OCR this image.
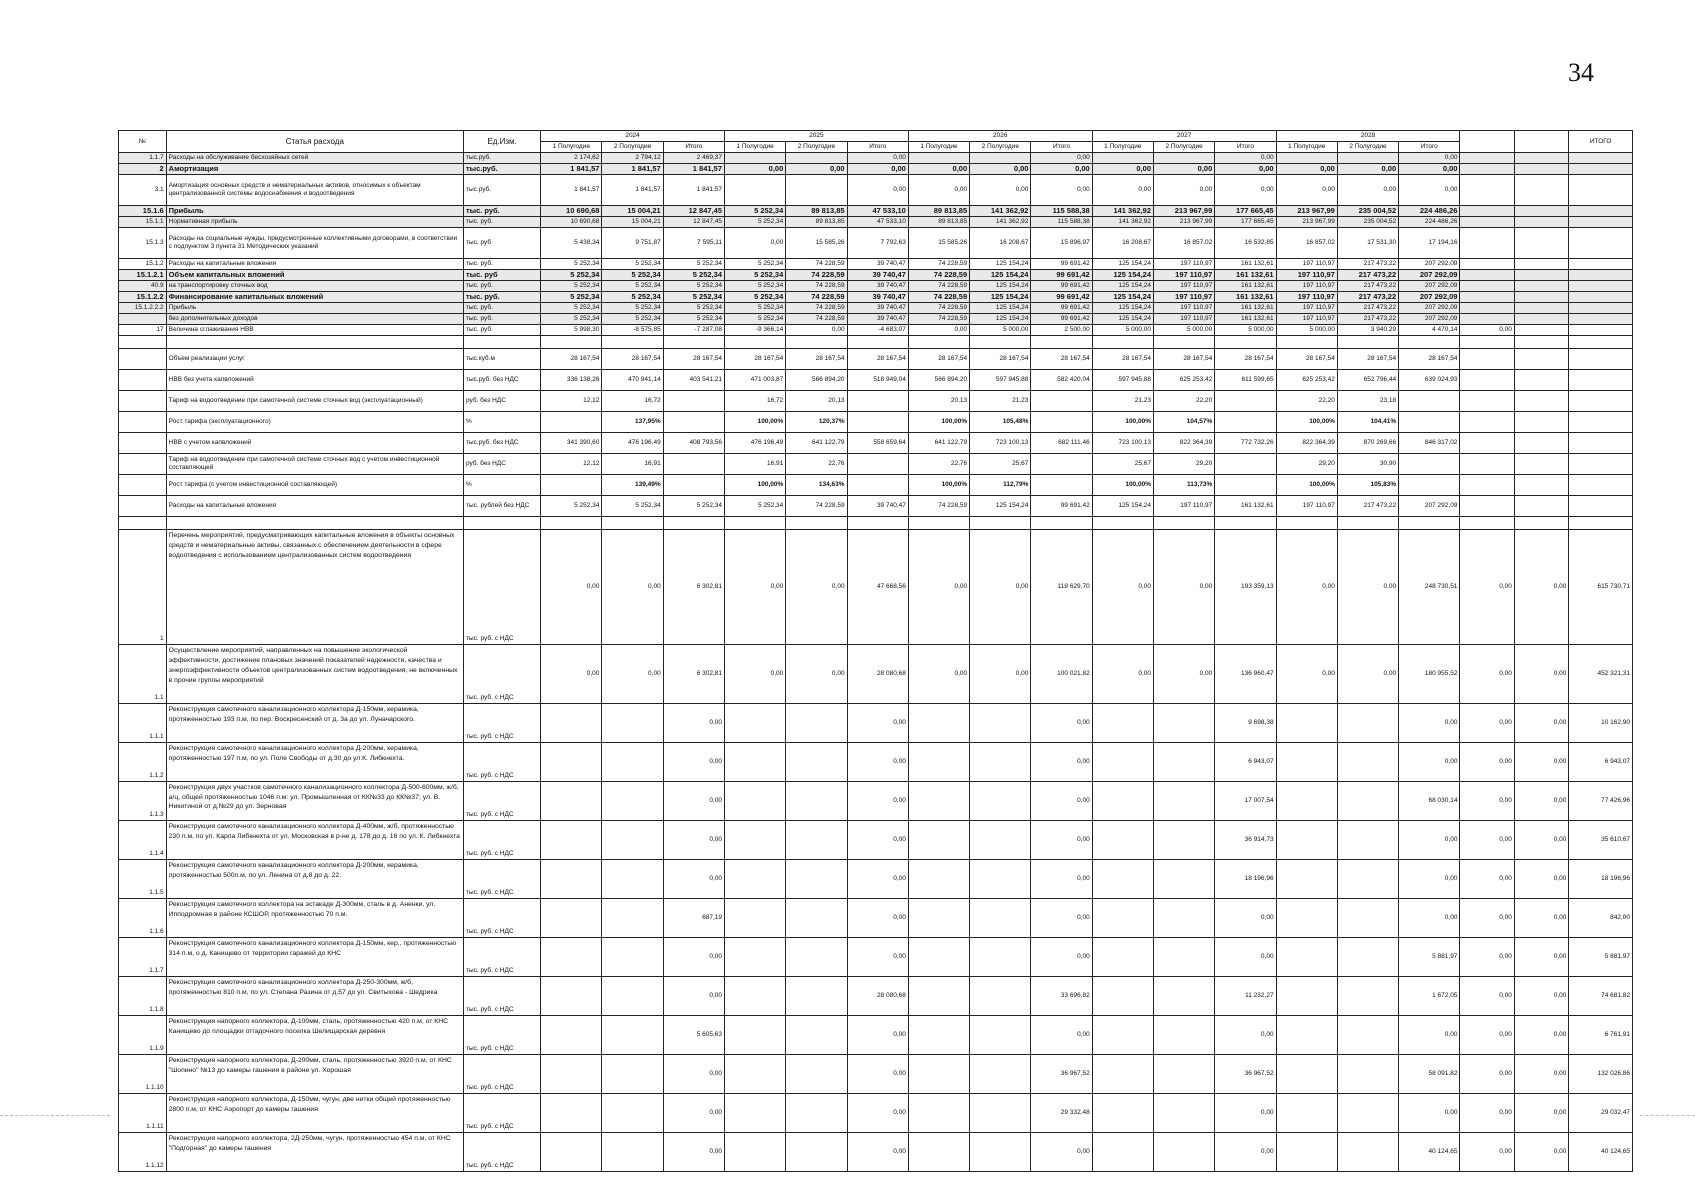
34
№	Статья расхода	Ед.Изм.	2024			2025			2026			2027			2028					ИТОГО
			1 Полугодие	2 Полугодие	Итого	1 Полугодие	2 Полугодие	Итого	1 Полугодие	2 Полугодие	Итого	1 Полугодие	2 Полугодие	Итого	1 Полугодие	2 Полугодие	Итого			
1.1.7	Расходы на обслуживание бесхозяйных сетей	тыс.руб.	2 174,62	2 794,12	2 469,37			0,00			0,00			0,00			0,00			
2	Амортизация	тыс.руб.	1 841,57	1 841,57	1 841,57	0,00	0,00	0,00	0,00	0,00	0,00	0,00	0,00	0,00	0,00	0,00	0,00			
3.1	Амортизация основных средств и нематериальных активов, относимых к объектам централизованной системы водоснабжения и водоотведения	тыс.руб.	1 841,57	1 841,57	1 841,57			0,00	0,00	0,00	0,00	0,00	0,00	0,00	0,00	0,00	0,00			
15.1.6	Прибыль	тыс. руб.	10 690,68	15 004,21	12 847,45	5 252,34	89 813,85	47 533,10	89 813,85	141 362,92	115 588,38	141 362,92	213 967,99	177 665,45	213 967,99	235 004,52	224 486,26			
15.1.1	Нормативная прибыль	тыс. руб.	10 690,68	15 004,21	12 847,45	5 252,34	89 813,85	47 533,10	89 813,85	141 362,92	115 588,38	141 362,92	213 967,99	177 665,45	213 967,99	235 004,52	224 486,26			
15.1.3	Расходы на социальные нужды, предусмотренные коллективными договорами, в соответствии с подпунктом 3 пункта 31 Методических указаний	тыс. руб	5 438,34	9 751,87	7 595,11	0,00	15 585,26	7 792,63	15 585,26	16 208,67	15 896,97	16 208,67	16 857,02	16 532,85	16 857,02	17 531,30	17 194,16			
15.1.2	Расходы на капитальные вложения	тыс. руб.	5 252,34	5 252,34	5 252,34	5 252,34	74 228,59	39 740,47	74 228,59	125 154,24	99 691,42	125 154,24	197 110,97	161 132,61	197 110,97	217 473,22	207 292,09			
15.1.2.1	Объем капитальных вложений	тыс. руб	5 252,34	5 252,34	5 252,34	5 252,34	74 228,59	39 740,47	74 228,59	125 154,24	99 691,42	125 154,24	197 110,97	161 132,61	197 110,97	217 473,22	207 292,09			
40.9	на транспортировку сточных вод	тыс. руб.	5 252,34	5 252,34	5 252,34	5 252,34	74 228,59	39 740,47	74 228,59	125 154,24	99 691,42	125 154,24	197 110,97	161 132,61	197 110,97	217 473,22	207 292,09			
15.1.2.2	Финансирование капитальных вложений	тыс. руб.	5 252,34	5 252,34	5 252,34	5 252,34	74 228,59	39 740,47	74 228,59	125 154,24	99 691,42	125 154,24	197 110,97	161 132,61	197 110,97	217 473,22	207 292,09			
15.1.2.2.2	Прибыль	тыс. руб.	5 252,34	5 252,34	5 252,34	5 252,34	74 228,59	39 740,47	74 228,59	125 154,24	99 691,42	125 154,24	197 110,97	161 132,61	197 110,97	217 473,22	207 292,09			
	без дополнительных доходов	тыс. руб.	5 252,34	5 252,34	5 252,34	5 252,34	74 228,59	39 740,47	74 228,59	125 154,24	99 691,42	125 154,24	197 110,97	161 132,61	197 110,97	217 473,22	207 292,09			
17	Величина сглаживания НВВ	тыс. руб.	5 998,30	-8 575,85	-7 287,08	-9 366,14	0,00	-4 683,07	0,00	5 000,00	2 500,00	5 000,00	5 000,00	5 000,00	5 000,00	3 940,29	4 470,14	0,00		

	Объем реализации услуг	тыс.куб.м	28 167,54	28 167,54	28 167,54	28 167,54	28 167,54	28 167,54	28 167,54	28 167,54	28 167,54	28 167,54	28 167,54	28 167,54	28 167,54	28 167,54	28 167,54			
	НВВ без учета капвложений	тыс.руб. без НДС	336 138,26	470 941,14	403 541,21	471 003,87	566 894,20	518 949,04	566 894,20	597 945,88	582 420,04	597 945,88	625 253,42	611 599,65	625 253,42	652 796,44	639 024,93			
	Тариф на водоотведение при самотечной системе сточных вод (эксплуатационный)	руб. без НДС	12,12	16,72		16,72	20,13		20,13	21,23		21,23	22,20		22,20	23,18				
	Рост тарифа (эксплуатационного)	%		137,95%		100,00%	120,37%		100,00%	105,48%		100,00%	104,57%		100,00%	104,41%				
	НВВ с учетом капвложений	тыс.руб. без НДС	341 390,60	476 196,49	408 793,56	476 196,49	641 122,79	558 659,64	641 122,79	723 100,13	682 111,46	723 100,13	822 364,39	772 732,26	822 364,39	870 269,66	846 317,02			
	Тариф на водоотведение при самотечной системе сточных вод с учетом инвестиционной составляющей	руб. без НДС	12,12	16,91		16,91	22,76		22,76	25,67		25,67	29,20		29,20	30,90				
	Рост тарифа (с учетом инвестиционной составляющей)	%		139,49%		100,00%	134,63%		100,00%	112,79%		100,00%	113,73%		100,00%	105,83%				
	Расходы на капитальные вложения	тыс. рублей без НДС	5 252,34	5 252,34	5 252,34	5 252,34	74 228,59	39 740,47	74 228,59	125 154,24	99 691,42	125 154,24	197 110,97	161 132,61	197 110,97	217 473,22	207 292,09			

1	Перечень мероприятий, предусматривающих капитальные вложения в объекты основных средств и нематериальные активы, связанных с обеспечением деятельности в сфере водоотведения с использованием централизованных систем водоотведения	тыс. руб. с НДС	0,00	0,00	6 302,81	0,00	0,00	47 668,56	0,00	0,00	119 629,70	0,00	0,00	193 359,13	0,00	0,00	248 730,51	0,00	0,00	615 730,71
1.1	Осуществление мероприятий, направленных на повышение экологической эффективности, достижение плановых значений показателей надежности, качества и энергоэффективности объектов централизованных систем водоотведения, не включенных в прочие группы мероприятий	тыс. руб. с НДС	0,00	0,00	6 302,81	0,00	0,00	28 080,68	0,00	0,00	100 021,82	0,00	0,00	136 960,47	0,00	0,00	180 955,52	0,00	0,00	452 321,31
1.1.1	Реконструкция самотечного канализационного коллектора Д-150мм, керамика, протяженностью 193 п.м, по пер. Воскресенский от д. 3а до ул. Луначарского.	тыс. руб. с НДС			0,00			0,00			0,00			9 698,38			0,00	0,00	0,00	10 162,90
1.1.2	Реконструкция самотечного канализационного коллектора Д-200мм, керамика, протяженностью 197 п.м, по ул. Поле Свободы от д.30 до ул.К. Либкнехта.	тыс. руб. с НДС			0,00			0,00			0,00			6 943,07			0,00	0,00	0,00	6 943,07
1.1.3	Реконструкция двух участков самотечного канализационного коллектора Д-500-600мм, ж/б, а/ц, общей протяженностью 1046 п.м: ул. Промышленная от КК№33 до КК№37; ул. В. Никитиной от д.№29 до ул. Зерновая	тыс. руб. с НДС			0,00			0,00			0,00			17 007,54			68 030,14	0,00	0,00	77 426,96
1.1.4	Реконструкция самотечного канализационного коллектора Д-400мм, ж/б, протяженностью 230 п.м, по ул. Карла Либкнехта от ул. Московская в р-не д. 178 до д. 16 по ул. К. Либкнехта	тыс. руб. с НДС			0,00			0,00			0,00			36 914,73			0,00	0,00	0,00	35 610,67
1.1.5	Реконструкция самотечного канализационного коллектора Д-200мм, керамика, протяженностью 500п.м, по ул. Ленина от д.8 до д. 22.	тыс. руб. с НДС			0,00			0,00			0,00			18 196,96			0,00	0,00	0,00	18 196,96
1.1.6	Реконструкция самотечного коллектора на эстакаде Д-300мм, сталь в д. Аненки, ул. Ипподромная в районе КСШОР, протяженностью 70 п.м.	тыс. руб. с НДС			687,19			0,00			0,00			0,00			0,00	0,00	0,00	842,00
1.1.7	Реконструкция самотечного канализационного коллектора Д-150мм, кер., протяженностью 314 п.м, о д. Канищево от территории гаражей до КНС	тыс. руб. с НДС			0,00			0,00			0,00			0,00			5 881,97	0,00	0,00	5 881,97
1.1.8	Реконструкция самотечного канализационного коллектора Д-250-300мм, ж/б, протяженностью 810 п.м, по ул. Степана Разина от д.57 до ул. Свитыхова - Шедрика	тыс. руб. с НДС			0,00			28 080,68			33 696,82			11 232,27			1 672,05	0,00	0,00	74 681,82
1.1.9	Реконструкция напорного коллектора, Д-100мм, сталь, протяженностью 420 п.м, от КНС Канищево до площадки отгадочного поселка Шелищарская деревня	тыс. руб. с НДС			5 605,63			0,00			0,00			0,00			0,00	0,00	0,00	6 761,91
1.1.10	Реконструкция напорного коллектора, Д-200мм, сталь, протяженностью 3920 п.м, от КНС "Шопино" №13 до камеры гашения в районе ул. Хорошая	тыс. руб. с НДС			0,00			0,00			36 967,52			36 967,52			58 091,82	0,00	0,00	132 026,86
1.1.11	Реконструкция напорного коллектора, Д-150мм, чугун, две нитки общей протяженностью 2800 п.м, от КНС Аэропорт до камеры гашения	тыс. руб. с НДС			0,00			0,00			29 332,48			0,00			0,00	0,00	0,00	29 032,47
1.1.12	Реконструкция напорного коллектора, 2Д-250мм, чугун, протяженностью 454 п.м, от КНС "Подгорная" до камеры гашения	тыс. руб. с НДС			0,00			0,00			0,00			0,00			40 124,65	0,00	0,00	40 124,65
